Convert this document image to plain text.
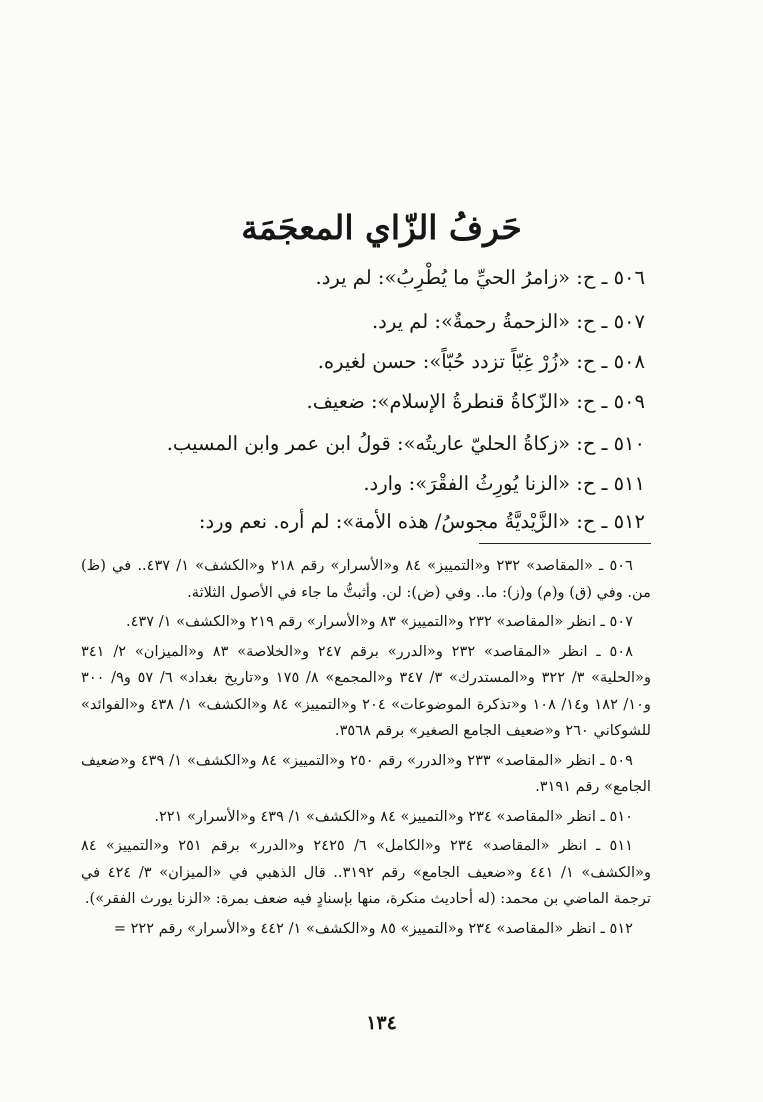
حَرفُ الزّاي المعجَمَة
٥٠٦ ـ ح: «زامرُ الحيِّ ما يُطْرِبُ»: لم يرد.
٥٠٧ ـ ح: «الزحمةُ رحمةٌ»: لم يرد.
٥٠٨ ـ ح: «زُرْ غِبّاً تزدد حُبّاً»: حسن لغيره.
٥٠٩ ـ ح: «الزّكاةُ قنطرةُ الإسلام»: ضعيف.
٥١٠ ـ ح: «زكاةُ الحليّ عاريتُه»: قولُ ابن عمر وابن المسيب.
٥١١ ـ ح: «الزنا يُورِثُ الفقْرَ»: وارد.
٥١٢ ـ ح: «الزَّيْديَّةُ مجوسُ/ هذه الأمة»: لم أره. نعم ورد:

٥٠٦ ـ «المقاصد» ٢٣٢ و«التمييز» ٨٤ و«الأسرار» رقم ٢١٨ و«الكشف» ١/ ٤٣٧.. في (ظ) من. وفي (ق) و(م) و(ز): ما.. وفي (ض): لن. وأثبتُّ ما جاء في الأصول الثلاثة.

٥٠٧ ـ انظر «المقاصد» ٢٣٢ و«التمييز» ٨٣ و«الأسرار» رقم ٢١٩ و«الكشف» ١/ ٤٣٧.

٥٠٨ ـ انظر «المقاصد» ٢٣٢ و«الدرر» برقم ٢٤٧ و«الخلاصة» ٨٣ و«الميزان» ٢/ ٣٤١ و«الحلية» ٣/ ٣٢٢ و«المستدرك» ٣/ ٣٤٧ و«المجمع» ٨/ ١٧٥ و«تاريخ بغداد» ٦/ ٥٧ و٩/ ٣٠٠ و١٠/ ١٨٢ و١٤/ ١٠٨ و«تذكرة الموضوعات» ٢٠٤ و«التمييز» ٨٤ و«الكشف» ١/ ٤٣٨ و«الفوائد» للشوكاني ٢٦٠ و«ضعيف الجامع الصغير» برقم ٣٥٦٨.

٥٠٩ ـ انظر «المقاصد» ٢٣٣ و«الدرر» رقم ٢٥٠ و«التمييز» ٨٤ و«الكشف» ١/ ٤٣٩ و«ضعيف الجامع» رقم ٣١٩١.

٥١٠ ـ انظر «المقاصد» ٢٣٤ و«التمييز» ٨٤ و«الكشف» ١/ ٤٣٩ و«الأسرار» ٢٢١.

٥١١ ـ انظر «المقاصد» ٢٣٤ و«الكامل» ٦/ ٢٤٢٥ و«الدرر» برقم ٢٥١ و«التمييز» ٨٤ و«الكشف» ١/ ٤٤١ و«ضعيف الجامع» رقم ٣١٩٢.. قال الذهبي في «الميزان» ٣/ ٤٢٤ في ترجمة الماضي بن محمد: (له أحاديث منكرة، منها بإسنادٍ فيه ضعف بمرة: «الزنا يورث الفقر»).

٥١٢ ـ انظر «المقاصد» ٢٣٤ و«التمييز» ٨٥ و«الكشف» ١/ ٤٤٢ و«الأسرار» رقم ٢٢٢ =

١٣٤
